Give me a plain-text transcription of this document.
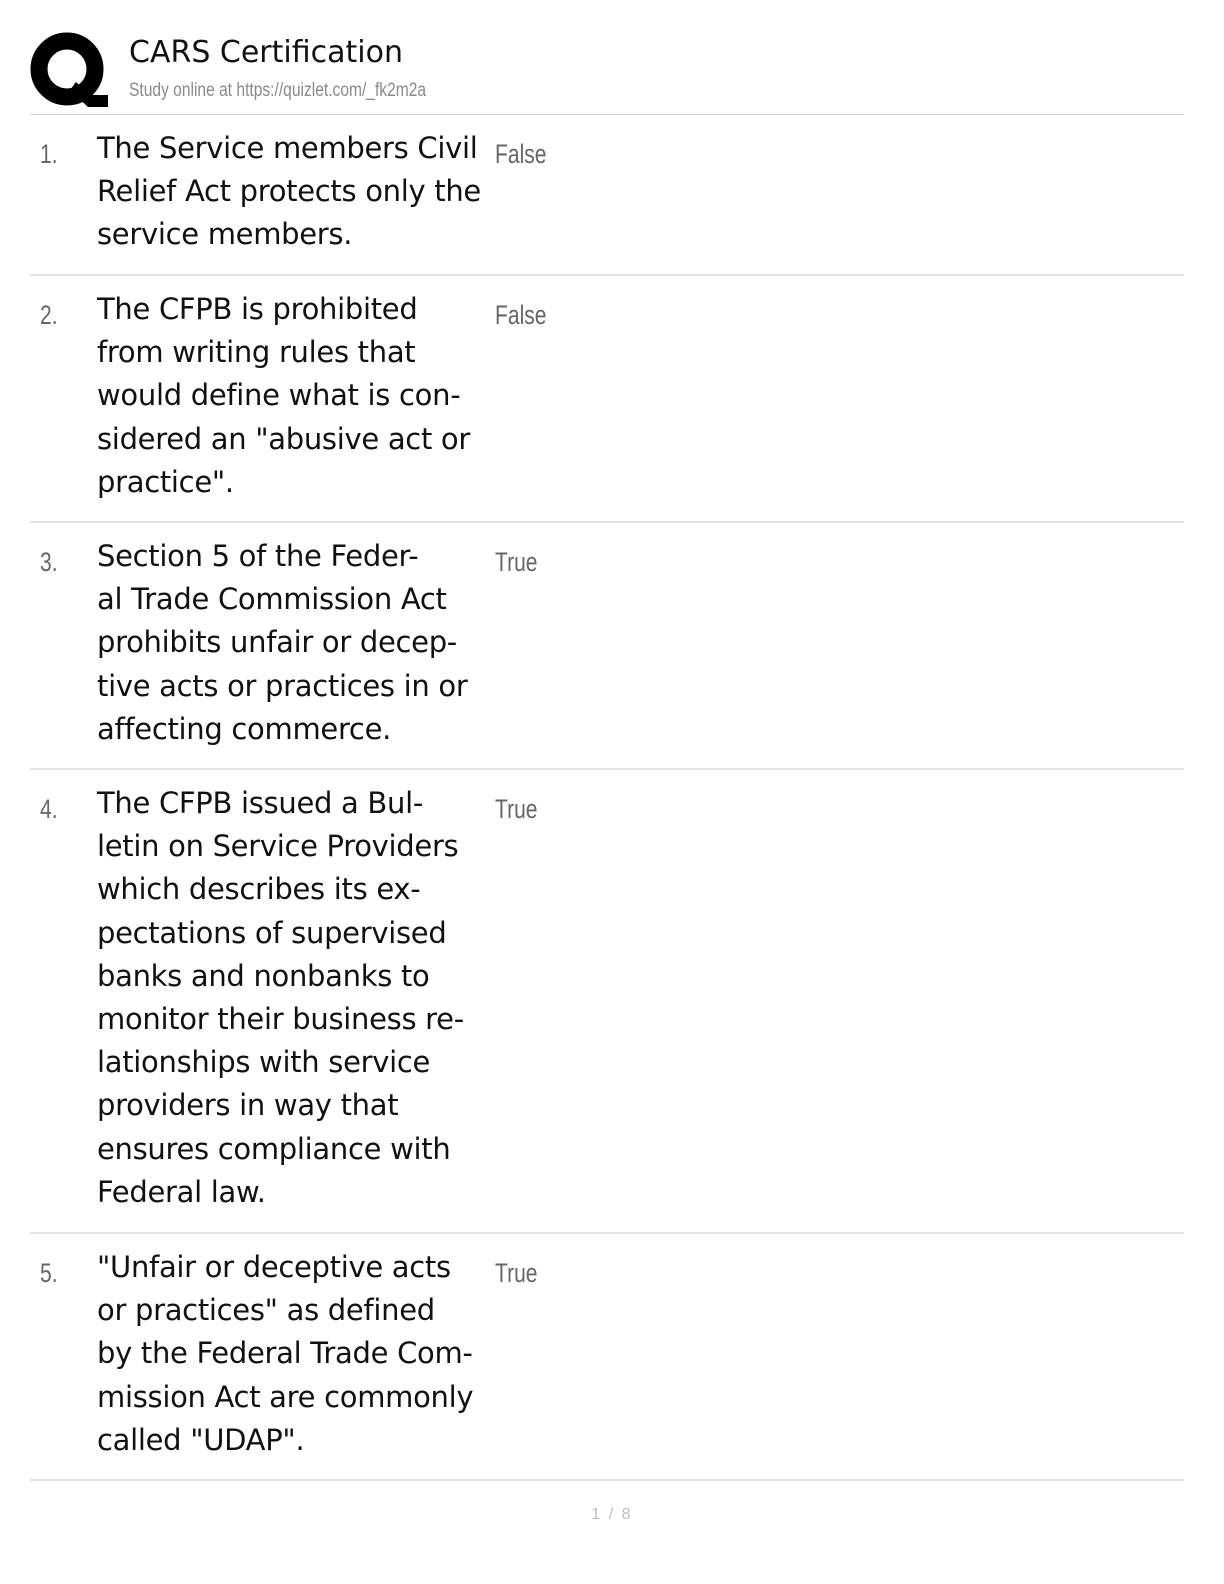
CARS Certification
Study online at https://quizlet.com/_fk2m2a
1. The Service members Civil
Relief Act protects only the
service members.
False
2. The CFPB is prohibited
from writing rules that
would define what is con-
sidered an "abusive act or
practice".
False
3. Section 5 of the Feder-
al Trade Commission Act
prohibits unfair or decep-
tive acts or practices in or
affecting commerce.
True
4. The CFPB issued a Bul-
letin on Service Providers
which describes its ex-
pectations of supervised
banks and nonbanks to
monitor their business re-
lationships with service
providers in way that
ensures compliance with
Federal law.
True
5. "Unfair or deceptive acts
or practices" as defined
by the Federal Trade Com-
mission Act are commonly
called "UDAP".
True
1 / 8
